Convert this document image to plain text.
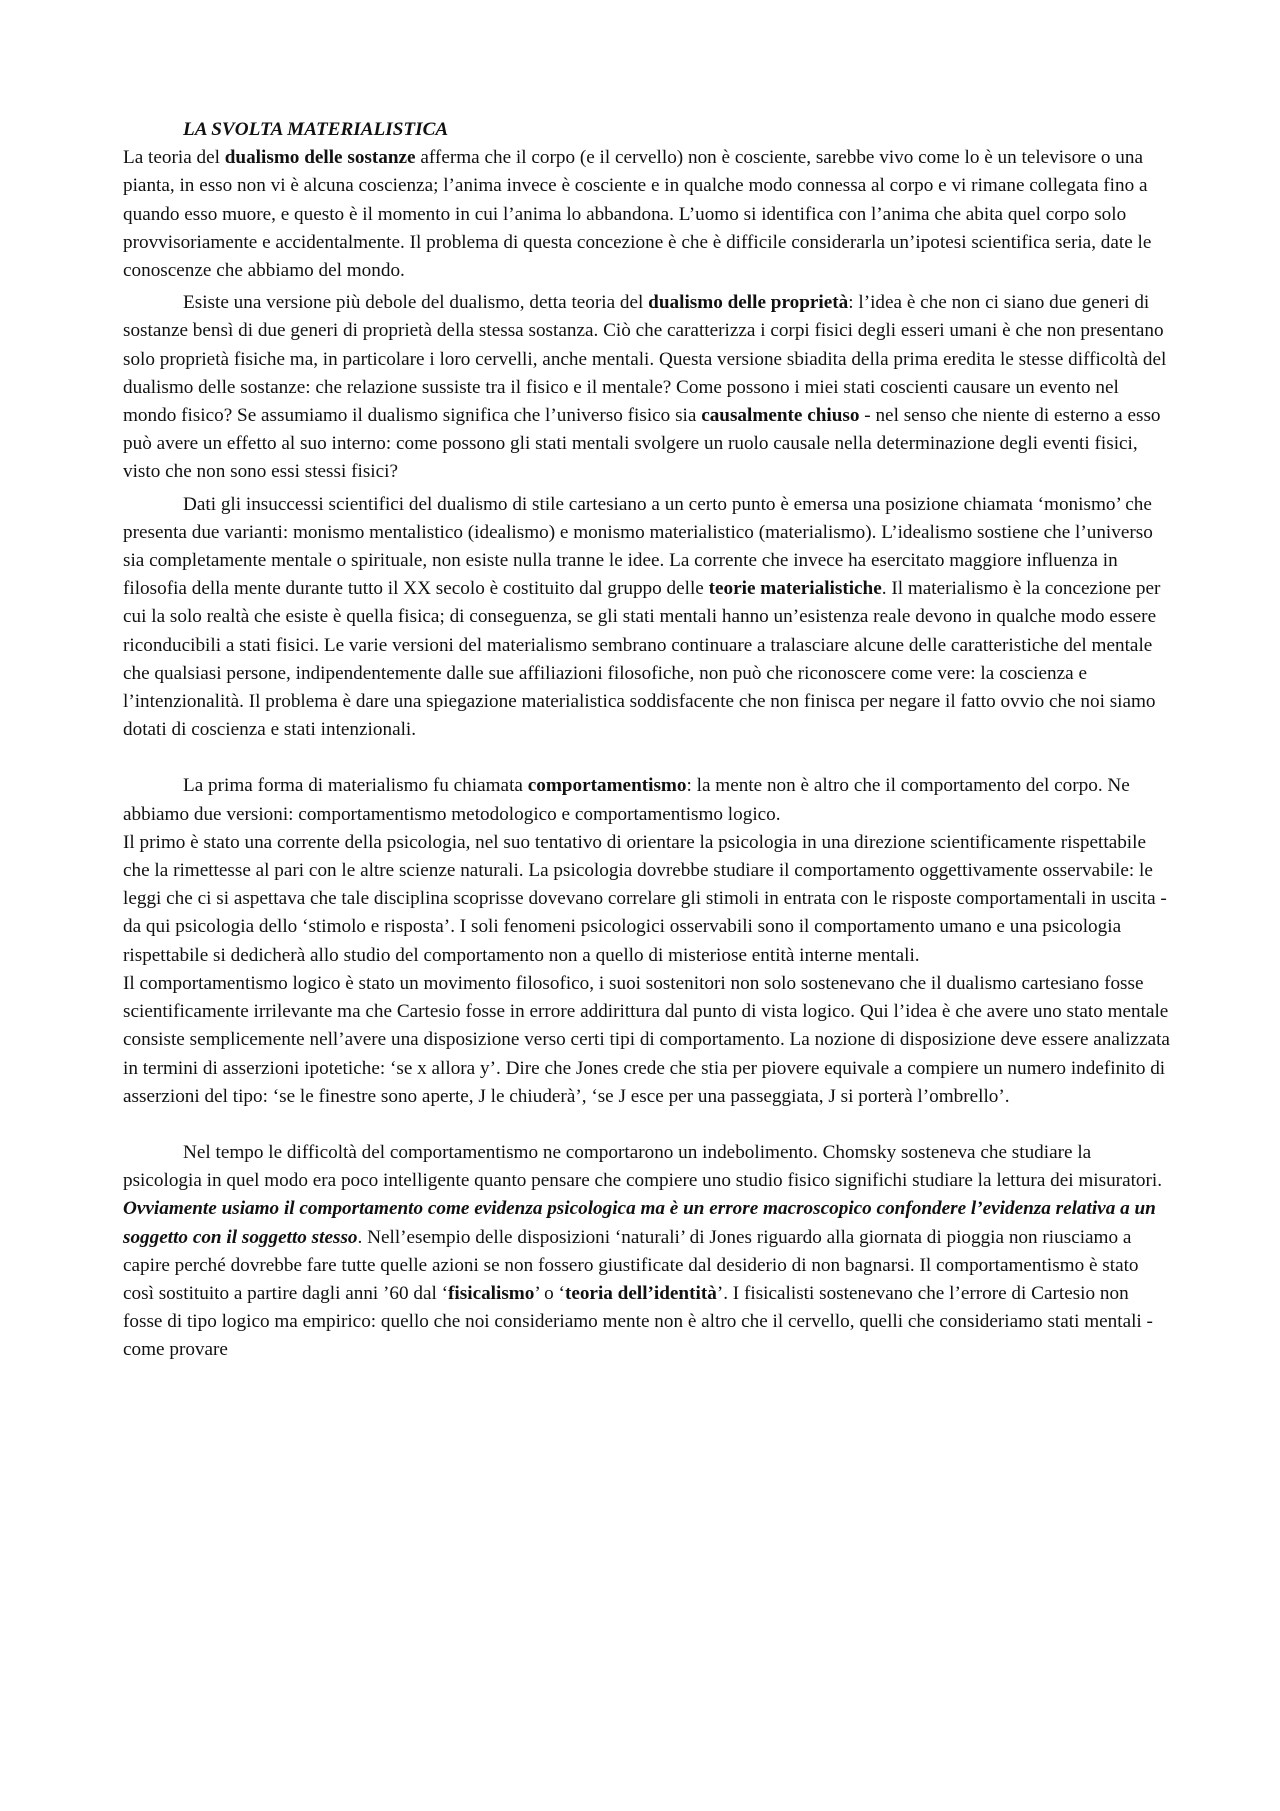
LA SVOLTA MATERIALISTICA

La teoria del dualismo delle sostanze afferma che il corpo (e il cervello) non è cosciente, sarebbe vivo come lo è un televisore o una pianta, in esso non vi è alcuna coscienza; l’anima invece è cosciente e in qualche modo connessa al corpo e vi rimane collegata fino a quando esso muore, e questo è il momento in cui l’anima lo abbandona. L’uomo si identifica con l’anima che abita quel corpo solo provvisoriamente e accidentalmente. Il problema di questa concezione è che è difficile considerarla un’ipotesi scientifica seria, date le conoscenze che abbiamo del mondo.

Esiste una versione più debole del dualismo, detta teoria del dualismo delle proprietà: l’idea è che non ci siano due generi di sostanze bensì di due generi di proprietà della stessa sostanza. Ciò che caratterizza i corpi fisici degli esseri umani è che non presentano solo proprietà fisiche ma, in particolare i loro cervelli, anche mentali. Questa versione sbiadita della prima eredita le stesse difficoltà del dualismo delle sostanze: che relazione sussiste tra il fisico e il mentale? Come possono i miei stati coscienti causare un evento nel mondo fisico? Se assumiamo il dualismo significa che l’universo fisico sia causalmente chiuso - nel senso che niente di esterno a esso può avere un effetto al suo interno: come possono gli stati mentali svolgere un ruolo causale nella determinazione degli eventi fisici, visto che non sono essi stessi fisici?

Dati gli insuccessi scientifici del dualismo di stile cartesiano a un certo punto è emersa una posizione chiamata ‘monismo’ che presenta due varianti: monismo mentalistico (idealismo) e monismo materialistico (materialismo). L’idealismo sostiene che l’universo sia completamente mentale o spirituale, non esiste nulla tranne le idee. La corrente che invece ha esercitato maggiore influenza in filosofia della mente durante tutto il XX secolo è costituito dal gruppo delle teorie materialistiche. Il materialismo è la concezione per cui la solo realtà che esiste è quella fisica; di conseguenza, se gli stati mentali hanno un’esistenza reale devono in qualche modo essere riconducibili a stati fisici. Le varie versioni del materialismo sembrano continuare a tralasciare alcune delle caratteristiche del mentale che qualsiasi persone, indipendentemente dalle sue affiliazioni filosofiche, non può che riconoscere come vere: la coscienza e l’intenzionalità. Il problema è dare una spiegazione materialistica soddisfacente che non finisca per negare il fatto ovvio che noi siamo dotati di coscienza e stati intenzionali.

La prima forma di materialismo fu chiamata comportamentismo: la mente non è altro che il comportamento del corpo. Ne abbiamo due versioni: comportamentismo metodologico e comportamentismo logico.

Il primo è stato una corrente della psicologia, nel suo tentativo di orientare la psicologia in una direzione scientificamente rispettabile che la rimettesse al pari con le altre scienze naturali. La psicologia dovrebbe studiare il comportamento oggettivamente osservabile: le leggi che ci si aspettava che tale disciplina scoprisse dovevano correlare gli stimoli in entrata con le risposte comportamentali in uscita - da qui psicologia dello ‘stimolo e risposta’. I soli fenomeni psicologici osservabili sono il comportamento umano e una psicologia rispettabile si dedicherà allo studio del comportamento non a quello di misteriose entità interne mentali.

Il comportamentismo logico è stato un movimento filosofico, i suoi sostenitori non solo sostenevano che il dualismo cartesiano fosse scientificamente irrilevante ma che Cartesio fosse in errore addirittura dal punto di vista logico. Qui l’idea è che avere uno stato mentale consiste semplicemente nell’avere una disposizione verso certi tipi di comportamento. La nozione di disposizione deve essere analizzata in termini di asserzioni ipotetiche: ‘se x allora y’. Dire che Jones crede che stia per piovere equivale a compiere un numero indefinito di asserzioni del tipo: ‘se le finestre sono aperte, J le chiuderà’, ‘se J esce per una passeggiata, J si porterà l’ombrello’.

Nel tempo le difficoltà del comportamentismo ne comportarono un indebolimento. Chomsky sosteneva che studiare la psicologia in quel modo era poco intelligente quanto pensare che compiere uno studio fisico significhi studiare la lettura dei misuratori. Ovviamente usiamo il comportamento come evidenza psicologica ma è un errore macroscopico confondere l’evidenza relativa a un soggetto con il soggetto stesso. Nell’esempio delle disposizioni ‘naturali’ di Jones riguardo alla giornata di pioggia non riusciamo a capire perché dovrebbe fare tutte quelle azioni se non fossero giustificate dal desiderio di non bagnarsi. Il comportamentismo è stato così sostituito a partire dagli anni ’60 dal ‘fisicalismo’ o ‘teoria dell’identità’. I fisicalisti sostenevano che l’errore di Cartesio non fosse di tipo logico ma empirico: quello che noi consideriamo mente non è altro che il cervello, quelli che consideriamo stati mentali - come provare
